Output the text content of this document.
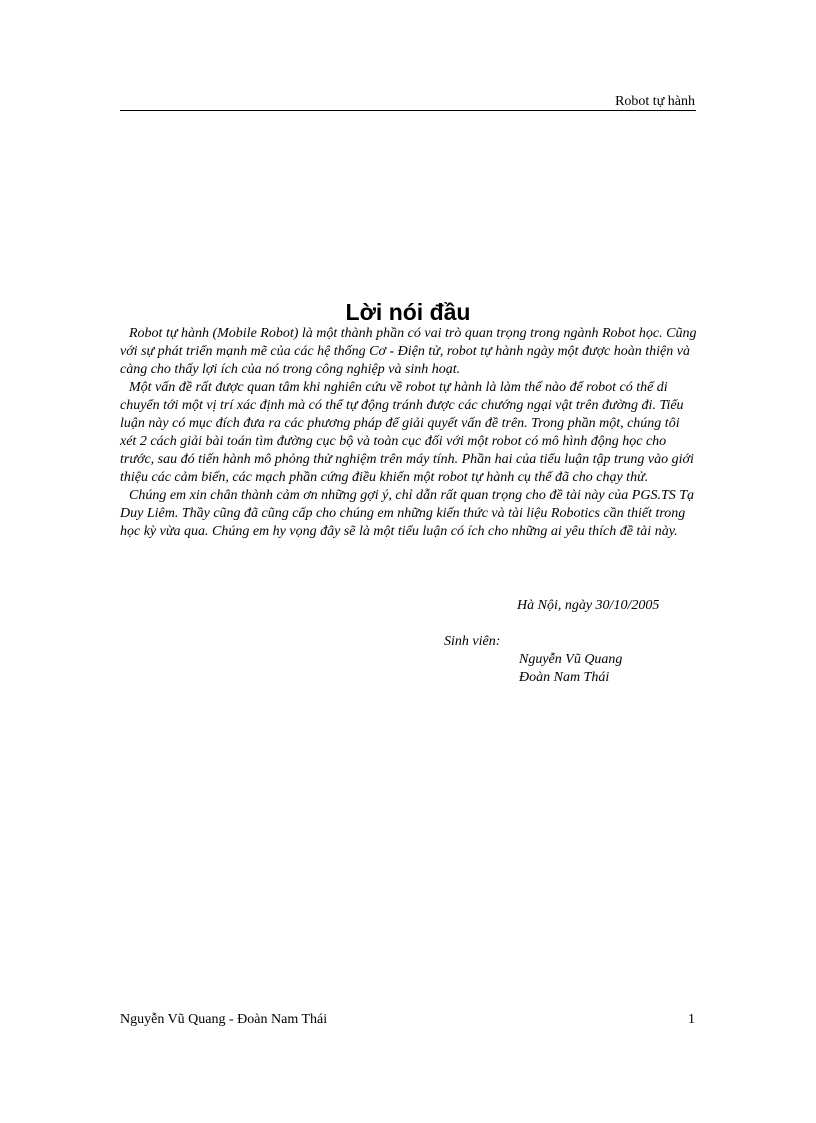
Robot tự hành
Lời nói đầu

Robot tự hành (Mobile Robot) là một thành phần có vai trò quan trọng trong ngành Robot học. Cũng với sự phát triển mạnh mẽ của các hệ thống Cơ - Điện tử, robot tự hành ngày một được hoàn thiện và càng cho thấy lợi ích của nó trong công nghiệp và sinh hoạt.

Một vấn đề rất được quan tâm khi nghiên cứu về robot tự hành là làm thế nào để robot có thể di chuyển tới một vị trí xác định mà có thể tự động tránh được các chướng ngại vật trên đường đi. Tiểu luận này có mục đích đưa ra các phương pháp để giải quyết vấn đề trên. Trong phần một, chúng tôi xét 2 cách giải bài toán tìm đường cục bộ và toàn cục đối với một robot có mô hình động học cho trước, sau đó tiến hành mô phỏng thử nghiệm trên máy tính. Phần hai của tiểu luận tập trung vào giới thiệu các cảm biến, các mạch phần cứng điều khiển một robot tự hành cụ thể đã cho chạy thử.

Chúng em xin chân thành cảm ơn những gợi ý, chỉ dẫn rất quan trọng cho đề tài này của PGS.TS Tạ Duy Liêm. Thầy cũng đã cũng cấp cho chúng em những kiến thức và tài liệu Robotics cần thiết trong học kỳ vừa qua. Chúng em hy vọng đây sẽ là một tiểu luận có ích cho những ai yêu thích đề tài này.

Hà Nội, ngày 30/10/2005
Sinh viên:
Nguyễn Vũ Quang
Đoàn Nam Thái
Nguyễn Vũ Quang - Đoàn Nam Thái	1
